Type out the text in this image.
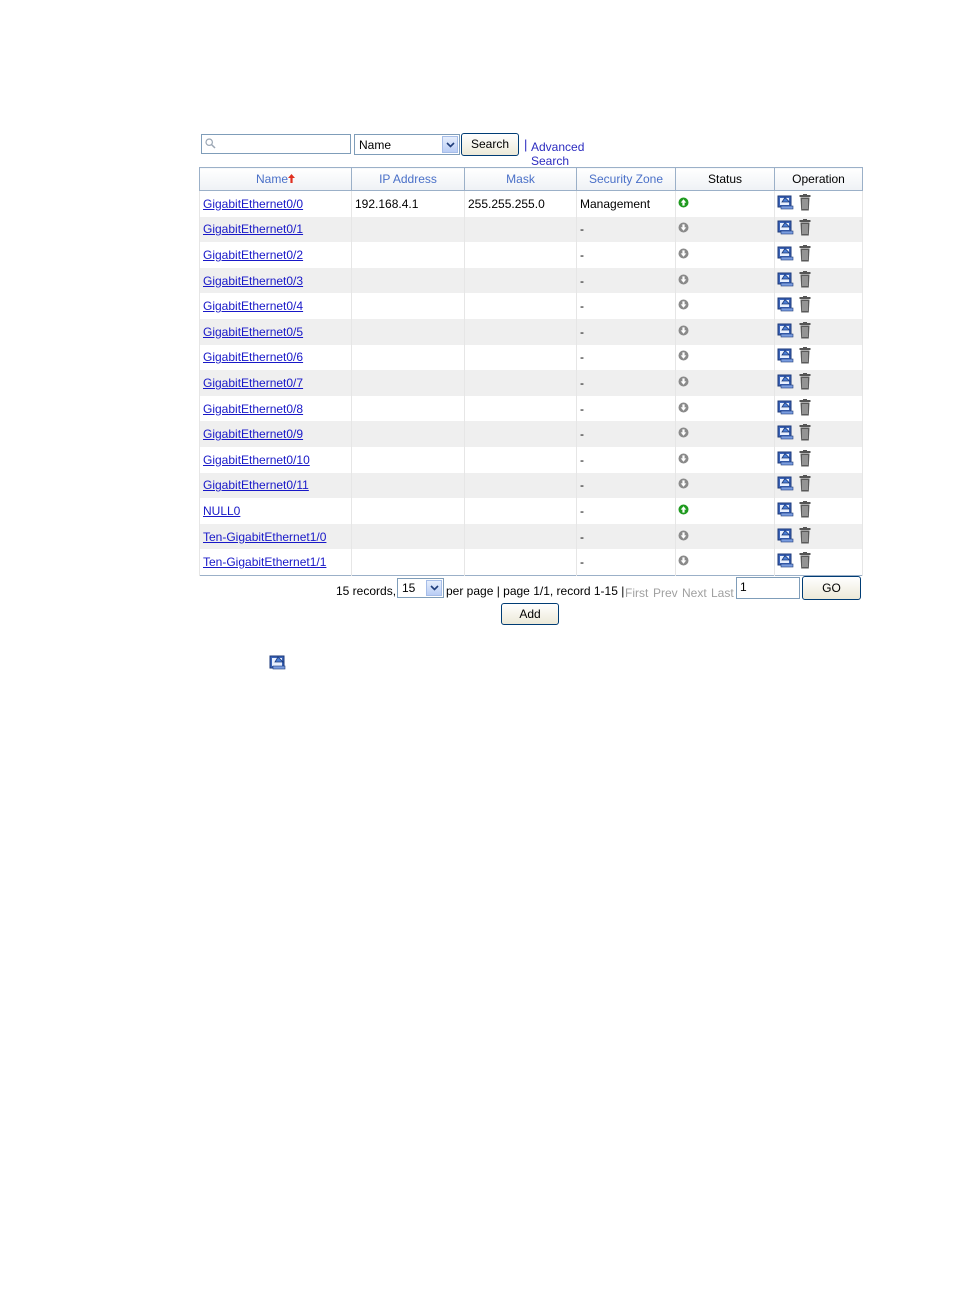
Name	Search	| Advanced Search
Name	IP Address	Mask	Security Zone	Status	Operation
GigabitEthernet0/0	192.168.4.1	255.255.255.0	Management		
GigabitEthernet0/1			-		
GigabitEthernet0/2			-		
GigabitEthernet0/3			-		
GigabitEthernet0/4			-		
GigabitEthernet0/5			-		
GigabitEthernet0/6			-		
GigabitEthernet0/7			-		
GigabitEthernet0/8			-		
GigabitEthernet0/9			-		
GigabitEthernet0/10			-		
GigabitEthernet0/11			-		
NULL0			-		
Ten-GigabitEthernet1/0			-		
Ten-GigabitEthernet1/1			-		
15 records, 15	per page | page 1/1, record 1-15 | First Prev Next Last
1	GO
Add
